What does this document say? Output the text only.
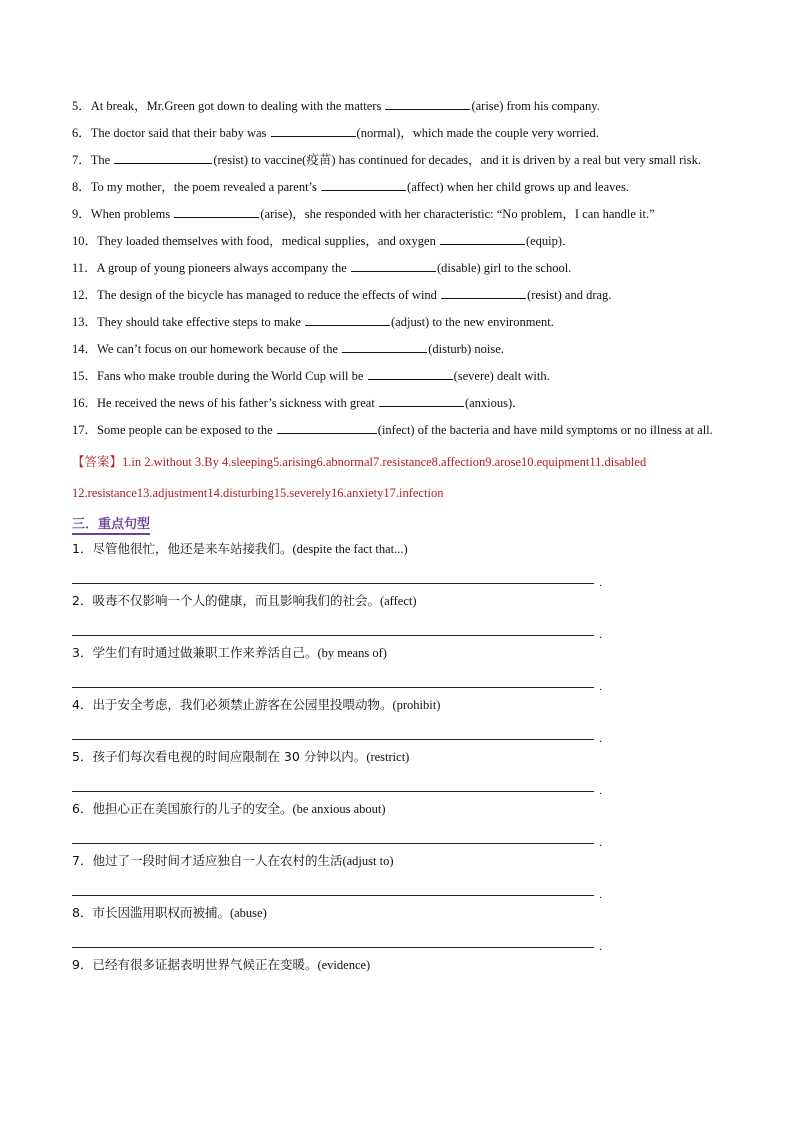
5．At break，Mr.Green got down to dealing with the matters	(arise) from his company.

6．The doctor said that their baby was	(normal)，which made the couple very worried.

7．The	(resist) to vaccine(疫苗) has continued for decades，and it is driven by a real but very small risk.

8．To my mother，the poem revealed a parent’s	(affect) when her child grows up and leaves.

9．When problems	(arise)，she responded with her characteristic: “No problem，I can handle it.”

10．They loaded themselves with food，medical supplies，and oxygen	(equip)．

11．A group of young pioneers always accompany the	(disable) girl to the school.

12．The design of the bicycle has managed to reduce the effects of wind	(resist) and drag.

13．They should take effective steps to make	(adjust) to the new environment.

14．We can’t focus on our homework because of the	(disturb) noise.

15．Fans who make trouble during the World Cup will be	(severe) dealt with.

16．He received the news of his father’s sickness with great	(anxious)．

17．Some people can be exposed to the	(infect) of the bacteria and have mild symptoms or no illness at all.

【答案】1.in 2.without 3.By 4.sleeping5.arising6.abnormal7.resistance8.affection9.arose10.equipment11.disabled
12.resistance13.adjustment14.disturbing15.severely16.anxiety17.infection
三．重点句型
1．尽管他很忙，他还是来车站接我们。(despite the fact that...)
.
2．吸毒不仅影响一个人的健康，而且影响我们的社会。(affect)
.
3．学生们有时通过做兼职工作来养活自己。(by means of)
.
4．出于安全考虑，我们必须禁止游客在公园里投喂动物。(prohibit)
.
5．孩子们每次看电视的时间应限制在 30 分钟以内。(restrict)
.
6．他担心正在美国旅行的儿子的安全。(be anxious about)
.
7．他过了一段时间才适应独自一人在农村的生活(adjust to)
.
8．市长因滥用职权而被捕。(abuse)
.
9．已经有很多证据表明世界气候正在变暖。(evidence)
